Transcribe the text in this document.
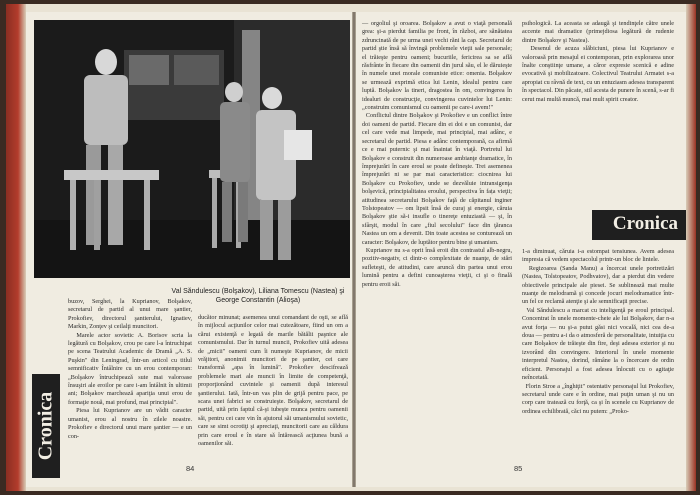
Val Săndulescu (Bolşakov), Liliana Tomescu (Nastea) şi George Constantin (Alioşa)
buzov, Serghei, la Kuprianov, Bolşakov, secretarul de partid al unui mare şantier, Prokofiev, directorul şantierului, Ignatiev, Markin, Zonţev şi ceilalţi muncitori.
Marele actor sovietic A. Borisov scria la legătură cu Bolşakov, crou pe care l-a întruchipat pe scena Teatrului Academic de Dramă „A. S. Puşkin" din Leningrad, într-un articol cu titlul semnificativ Întâlnire cu un erou contemporan: „Bolşakov întruchipează sute mai valoroase însuşiri ale eroilor pe care i-am întâlnit în ultimii ani; Bolşakov marchează apariţia unui erou de formaţie nouă, mai profund, mai principial".
Piesa lui Kuprianov are un vădit caracter umanist, erou al nostru în zilele noastre. Prokofiev e directorul unui mare şantier — e un con-
ducător minunat; asemenea unui comandant de oşti, se află în mijlocul acţiunilor celor mai cutezătoare, fiind un om a cărui existenţă e legată de marile bătălii paşnice ale comunismului. Dar în turnul muncii, Prokofiev uită adesea de „micii" oameni cum îi numeşte Kuprianov, de micii vrăjitori, anonimii muncitori de pe şantier, cei care transformă „apa în lumină". Prokofiev descifrează problemele mari ale muncii în limite de competenţă, proporţionând cuvintele şi oamenii după interesul şantierului. Iată, într-un vas plin de grijă pentru pace, pe scara unei fabrici se construieşte. Bolşakov, secretarul de partid, uită prin faptul că-şi iubeşte munca pentru oamenii săi, pentru cei care vin în ajutorul săi umanismului sovietic, care se simt ocrotiţi şi apreciaţi, muncitorii care au căldura prin care eroul e în stare să întărească acţiunea bună a oamenilor săi.
Cronica
84
— orgoliul şi oroarea. Bolşakov a avut o viaţă personală grea: şi-a pierdut familia pe front, în război, are sănătatea zdruncinată de pe urma unei vechi răni la cap. Secretarul de partid ştie însă să învingă problemele vieţii sale personale; el trăieşte pentru oameni; bucuriile, fericirea sa se află răsfrânte în fiecare din oamenii din jurul său, el le dăruieşte în numele unei morale comuniste etice: omenia. Bolşakov se urmează exprimă etica lui Lenin, idealul pentru care luptă. Bolşakov la tineri, dragostea în om, convingerea în idealuri de construcţie, convingerea cuvintelor lui Lenin: „construim comunismul cu oamenii pe care-i avem!"
Conflictul dintre Bolşakov şi Prokofiev e un conflict între doi oameni de partid. Fiecare din ei doi e un comunist, dar cel care vede mai limpede, mai principial, mai adânc, e secretarul de partid. Piesa e adânc contemporană, ca afirmă ce e mai puternic şi mai înaintat în viaţă. Portretul lui Bolşakov e construit din numeroase ambianţe dramatice, în împrejurări în care eroul se poate defineşte. Trei asemenea împrejurări ni se par mai caracteristice: ciocnirea lui Bolşakov cu Prokofiev, unde se dezvăluie intransigenţa bolşevică, principialitatea eroului, perspectiva în fața vieţii; atitudinea secretarului Bolşakov faţă de căpitanul inginer Tolstopeatov — om lipsit însă de curaj şi energie, căruia Bolşakov ştie să-i insufle o tinereţe entuziastă — şi, în sfârşit, modul în care „fiul secolului" face din ţăranca Nastea un om a devenit. Din toate acestea se conturează un caracter: Bolşakov, de luptător pentru bine şi umanism.
Kuprianov nu s-a oprit însă eroii din contrastul alb-negru, pozitiv-negativ, ci dintr-o complexitate de nuanţe, de stări sufleteşti, de atitudini, care aruncă din partea unui erou lumină pentru a defini cunoaşterea vieţii, ci şi o finală pentru eroii săi.
psihologică. La aceasta se adaugă şi tendinţele către unele accente mai dramatice (primejdiosa legătură de rudenie dintre Bolşakov şi Nastea).
Desenul de acuza slăbiciuni, piesa lui Kuprianov e valoroasă prin mesajul ei contemporan, prin explorarea unor înalte conştiinţe umane, a căror expresie scenică e adine evocativă şi mobilizatoare. Colectivul Teatrului Armatei s-a apropiat cu râvnă de text, cu un entuziasm adesea transparent în spectacol. Din păcate, stil acesta de punere în scenă, s-ar fi cerut mai multă muncă, mai mult spirit creator.
Cronica
1-a diminuat, căruia i-a estompat tensiunea. Avem adesea impresia că vedem spectacolul printr-un bloc de lintele.
Regizoarea (Sanda Manu) a încercat unele portretizări (Nastea, Tolstopeatov, Podhvatov), dar a pierdut din vedere obiectivele principale ale piesei. Se sublinează mai multe nuanţe de melodramă şi concede jocuri melodramatice într-un fel ce reclamă atenţie şi ale semnificaţii precise.
Val Săndulescu a marcat cu inteligenţă pe eroul principal. Concentrat în unele momente-cheie ale lui Bolşakov, dar n-a avut forţa — nu şi-a putut găsi nici vocală, nici cea de-a doua — pentru a-i da o atmosferă de personalitate, intuiţia cu care Bolşakov de trăieşte din fire, deşi adesea exterior şi nu izvorând din convingere. Interiorul în unele momente interpretul Nastea, dorind, rămâne la o încercare de ordin eficient. Personajul a fost adesea înlocuit cu o agitaţie neîncetată.
Florin Stroe a „înghiţit" ostentativ personajul lui Prokofiev, secretarul unde care e în ordine, mai puţin uman şi nu un corp care tratează cu forţă, ca şi în scenele cu Kuprianov de ordinea echilibrată, căci nu putem: „Proko-
85
